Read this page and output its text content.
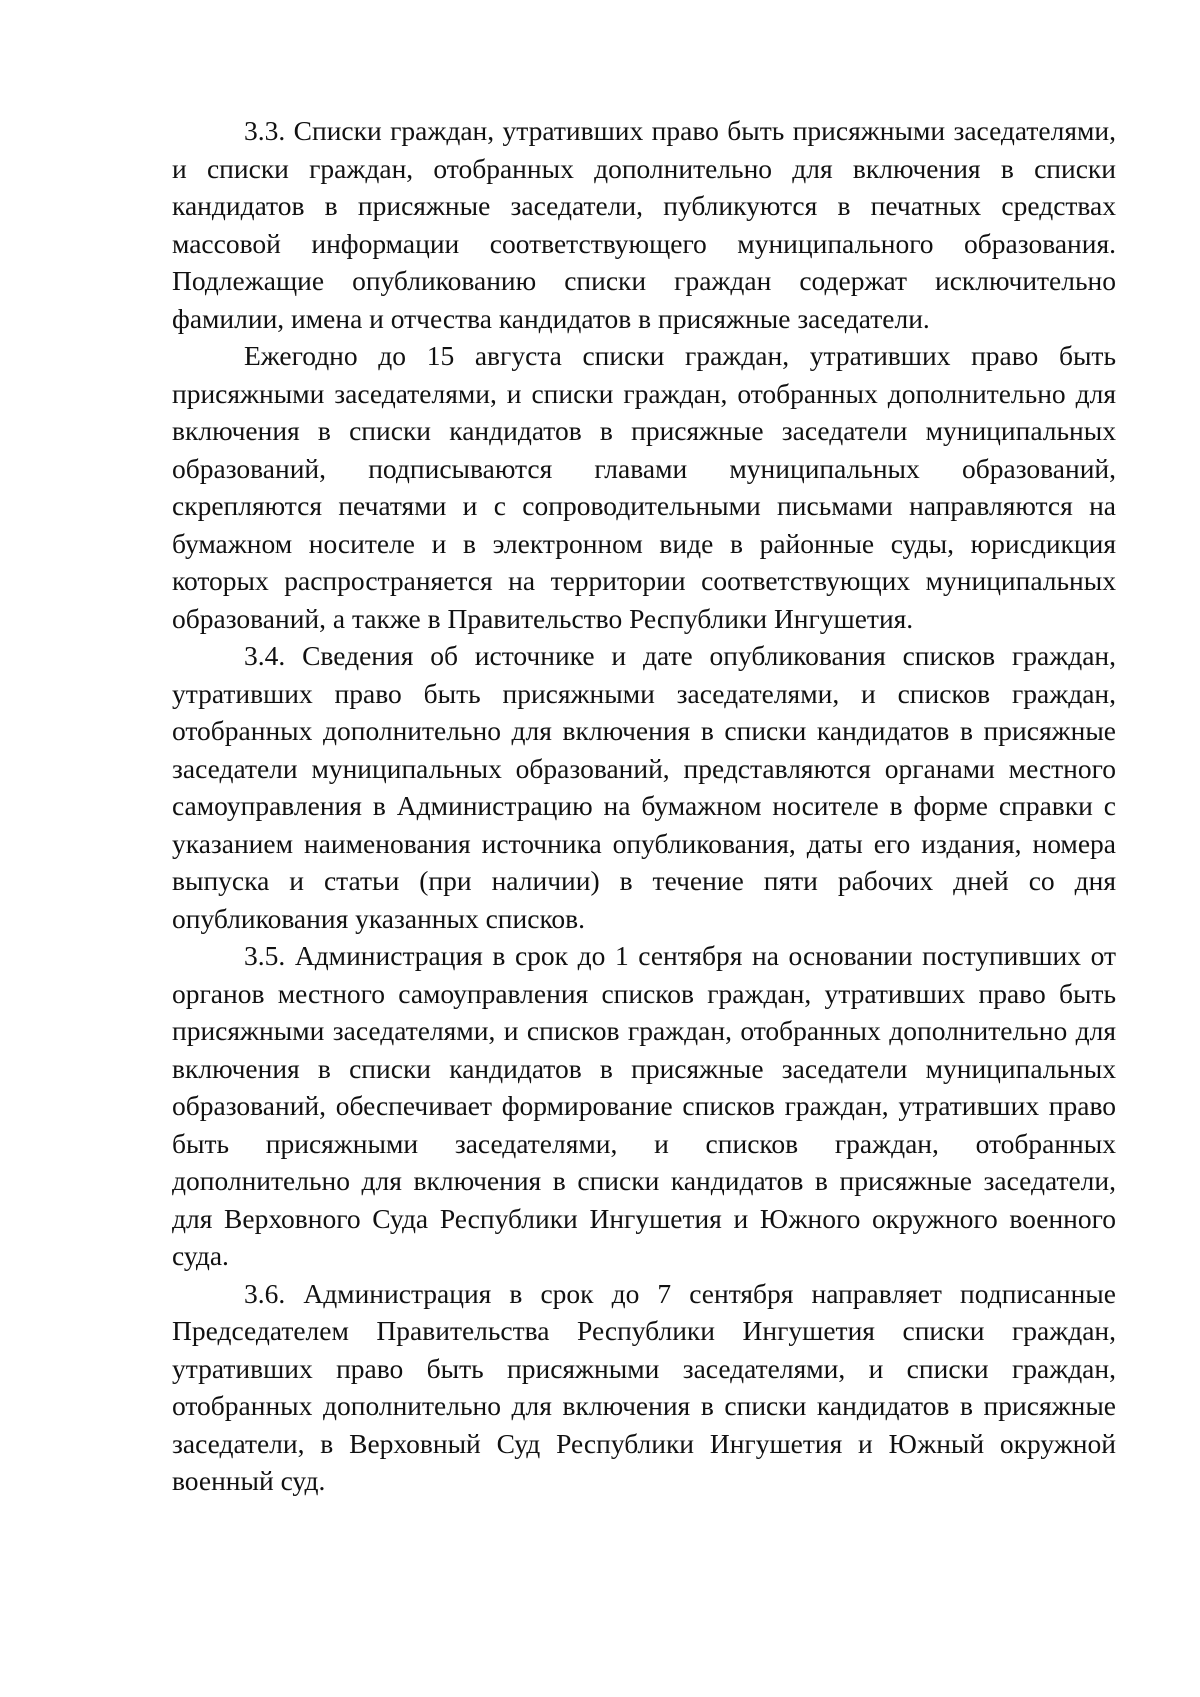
3.3. Списки граждан, утративших право быть присяжными заседателями, и списки граждан, отобранных дополнительно для включения в списки кандидатов в присяжные заседатели, публикуются в печатных средствах массовой информации соответствующего муниципального образования. Подлежащие опубликованию списки граждан содержат исключительно фамилии, имена и отчества кандидатов в присяжные заседатели.

Ежегодно до 15 августа списки граждан, утративших право быть присяжными заседателями, и списки граждан, отобранных дополнительно для включения в списки кандидатов в присяжные заседатели муниципальных образований, подписываются главами муниципальных образований, скрепляются печатями и с сопроводительными письмами направляются на бумажном носителе и в электронном виде в районные суды, юрисдикция которых распространяется на территории соответствующих муниципальных образований, а также в Правительство Республики Ингушетия.

3.4. Сведения об источнике и дате опубликования списков граждан, утративших право быть присяжными заседателями, и списков граждан, отобранных дополнительно для включения в списки кандидатов в присяжные заседатели муниципальных образований, представляются органами местного самоуправления в Администрацию на бумажном носителе в форме справки с указанием наименования источника опубликования, даты его издания, номера выпуска и статьи (при наличии) в течение пяти рабочих дней со дня опубликования указанных списков.

3.5. Администрация в срок до 1 сентября на основании поступивших от органов местного самоуправления списков граждан, утративших право быть присяжными заседателями, и списков граждан, отобранных дополнительно для включения в списки кандидатов в присяжные заседатели муниципальных образований, обеспечивает формирование списков граждан, утративших право быть присяжными заседателями, и списков граждан, отобранных дополнительно для включения в списки кандидатов в присяжные заседатели, для Верховного Суда Республики Ингушетия и Южного окружного военного суда.

3.6. Администрация в срок до 7 сентября направляет подписанные Председателем Правительства Республики Ингушетия списки граждан, утративших право быть присяжными заседателями, и списки граждан, отобранных дополнительно для включения в списки кандидатов в присяжные заседатели, в Верховный Суд Республики Ингушетия и Южный окружной военный суд.
